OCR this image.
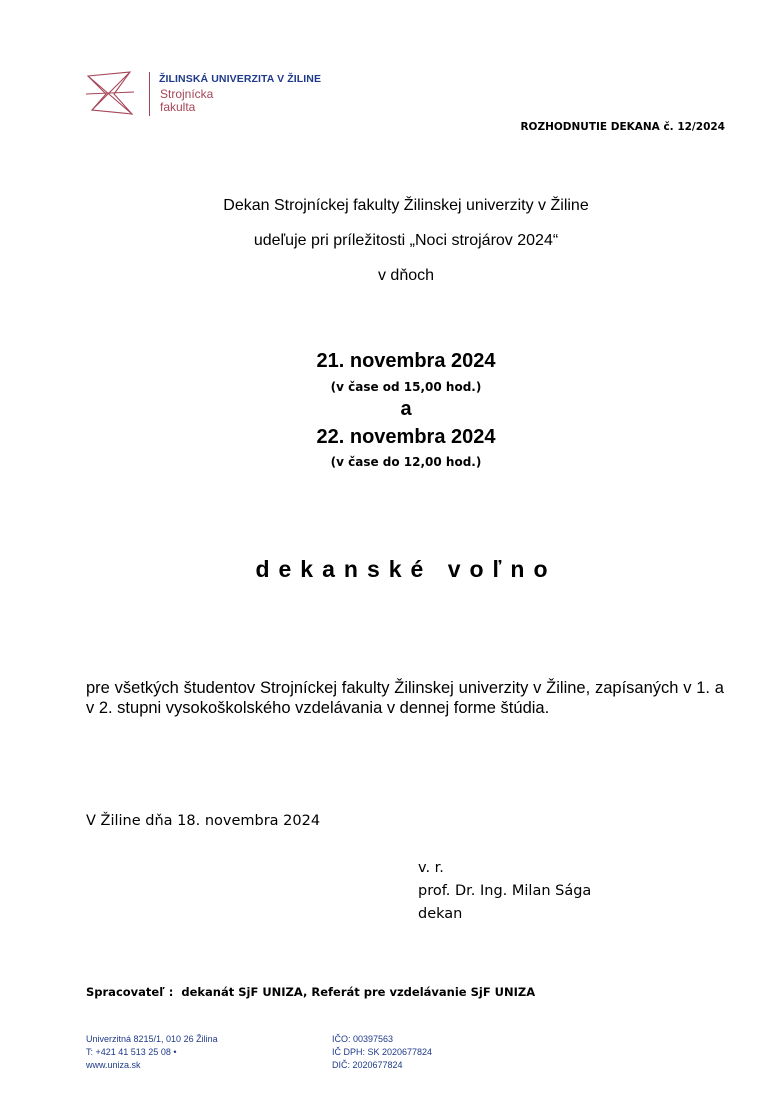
ŽILINSKÁ UNIVERZITA V ŽILINE
Strojnícka
fakulta
ROZHODNUTIE DEKANA č. 12/2024
Dekan Strojníckej fakulty Žilinskej univerzity v Žiline
udeľuje pri príležitosti „Noci strojárov 2024“
v dňoch
21. novembra 2024
(v čase od 15,00 hod.)
a
22. novembra 2024
(v čase do 12,00 hod.)
dekanské voľno
pre všetkých študentov Strojníckej fakulty Žilinskej univerzity v Žiline, zapísaných v 1. a v 2. stupni vysokoškolského vzdelávania v dennej forme štúdia.
V Žiline dňa 18. novembra 2024
v. r.
prof. Dr. Ing. Milan Sága
dekan
Spracovateľ : dekanát SjF UNIZA, Referát pre vzdelávanie SjF UNIZA
Univerzitná 8215/1, 010 26 Žilina
T: +421 41 513 25 08 •
www.uniza.sk
IČO: 00397563
IČ DPH: SK 2020677824
DIČ: 2020677824
